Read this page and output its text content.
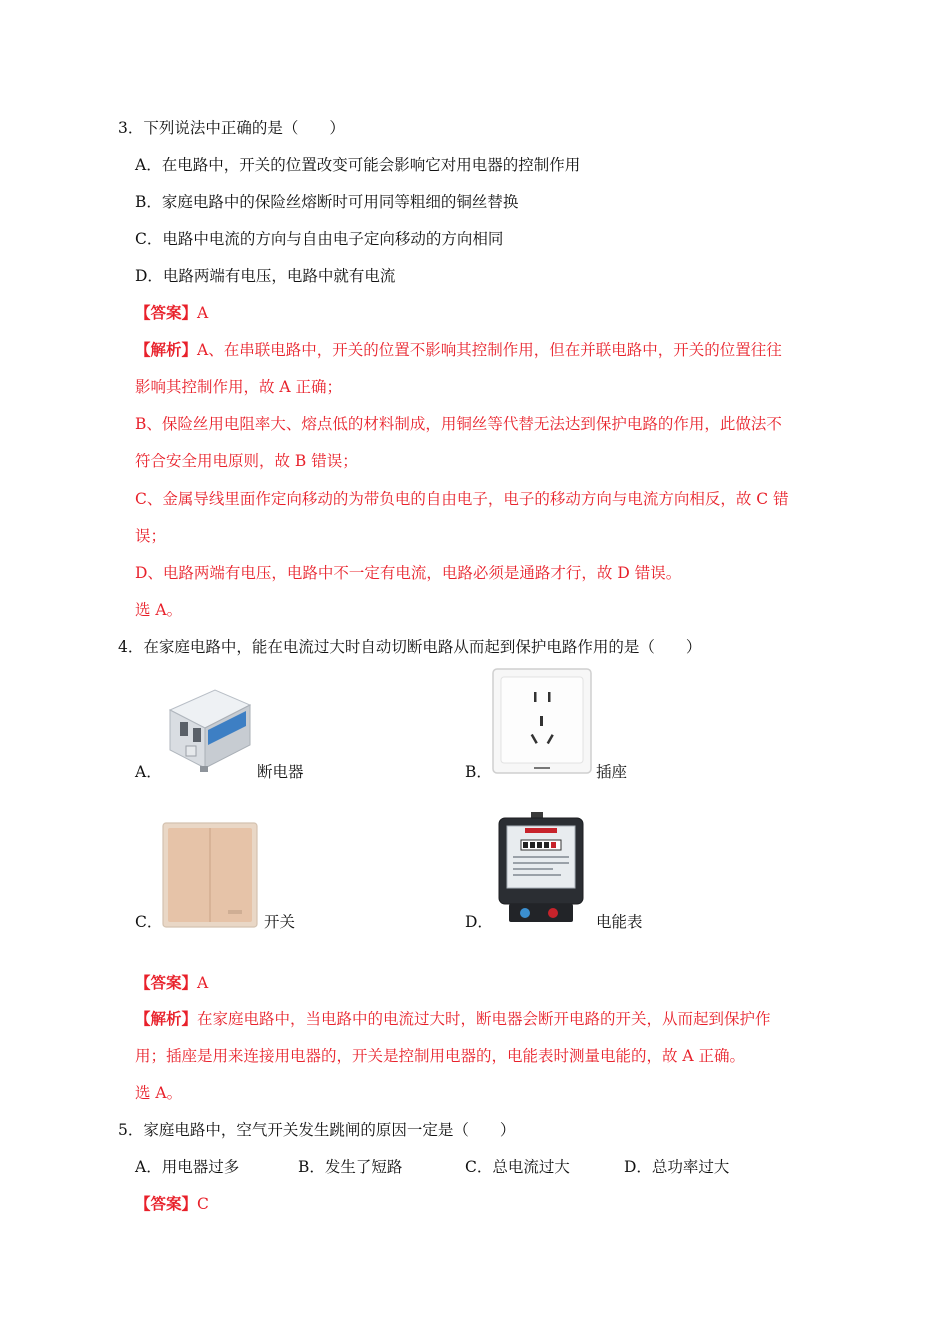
3．下列说法中正确的是（　　）
A．在电路中，开关的位置改变可能会影响它对用电器的控制作用
B．家庭电路中的保险丝熔断时可用同等粗细的铜丝替换
C．电路中电流的方向与自由电子定向移动的方向相同
D．电路两端有电压，电路中就有电流
【答案】A
【解析】A、在串联电路中，开关的位置不影响其控制作用，但在并联电路中，开关的位置往往
影响其控制作用，故 A 正确；
B、保险丝用电阻率大、熔点低的材料制成，用铜丝等代替无法达到保护电路的作用，此做法不
符合安全用电原则，故 B 错误；
C、金属导线里面作定向移动的为带负电的自由电子，电子的移动方向与电流方向相反，故 C 错
误；
D、电路两端有电压，电路中不一定有电流，电路必须是通路才行，故 D 错误。
选 A。
4．在家庭电路中，能在电流过大时自动切断电路从而起到保护电路作用的是（　　）
A．	断电器	B．	插座
C．	开关	D．	电能表
【答案】A
【解析】在家庭电路中，当电路中的电流过大时，断电器会断开电路的开关，从而起到保护作
用；插座是用来连接用电器的，开关是控制用电器的，电能表时测量电能的，故 A 正确。
选 A。
5．家庭电路中，空气开关发生跳闸的原因一定是（　　）
A．用电器过多	B．发生了短路	C．总电流过大	D．总功率过大
【答案】C
